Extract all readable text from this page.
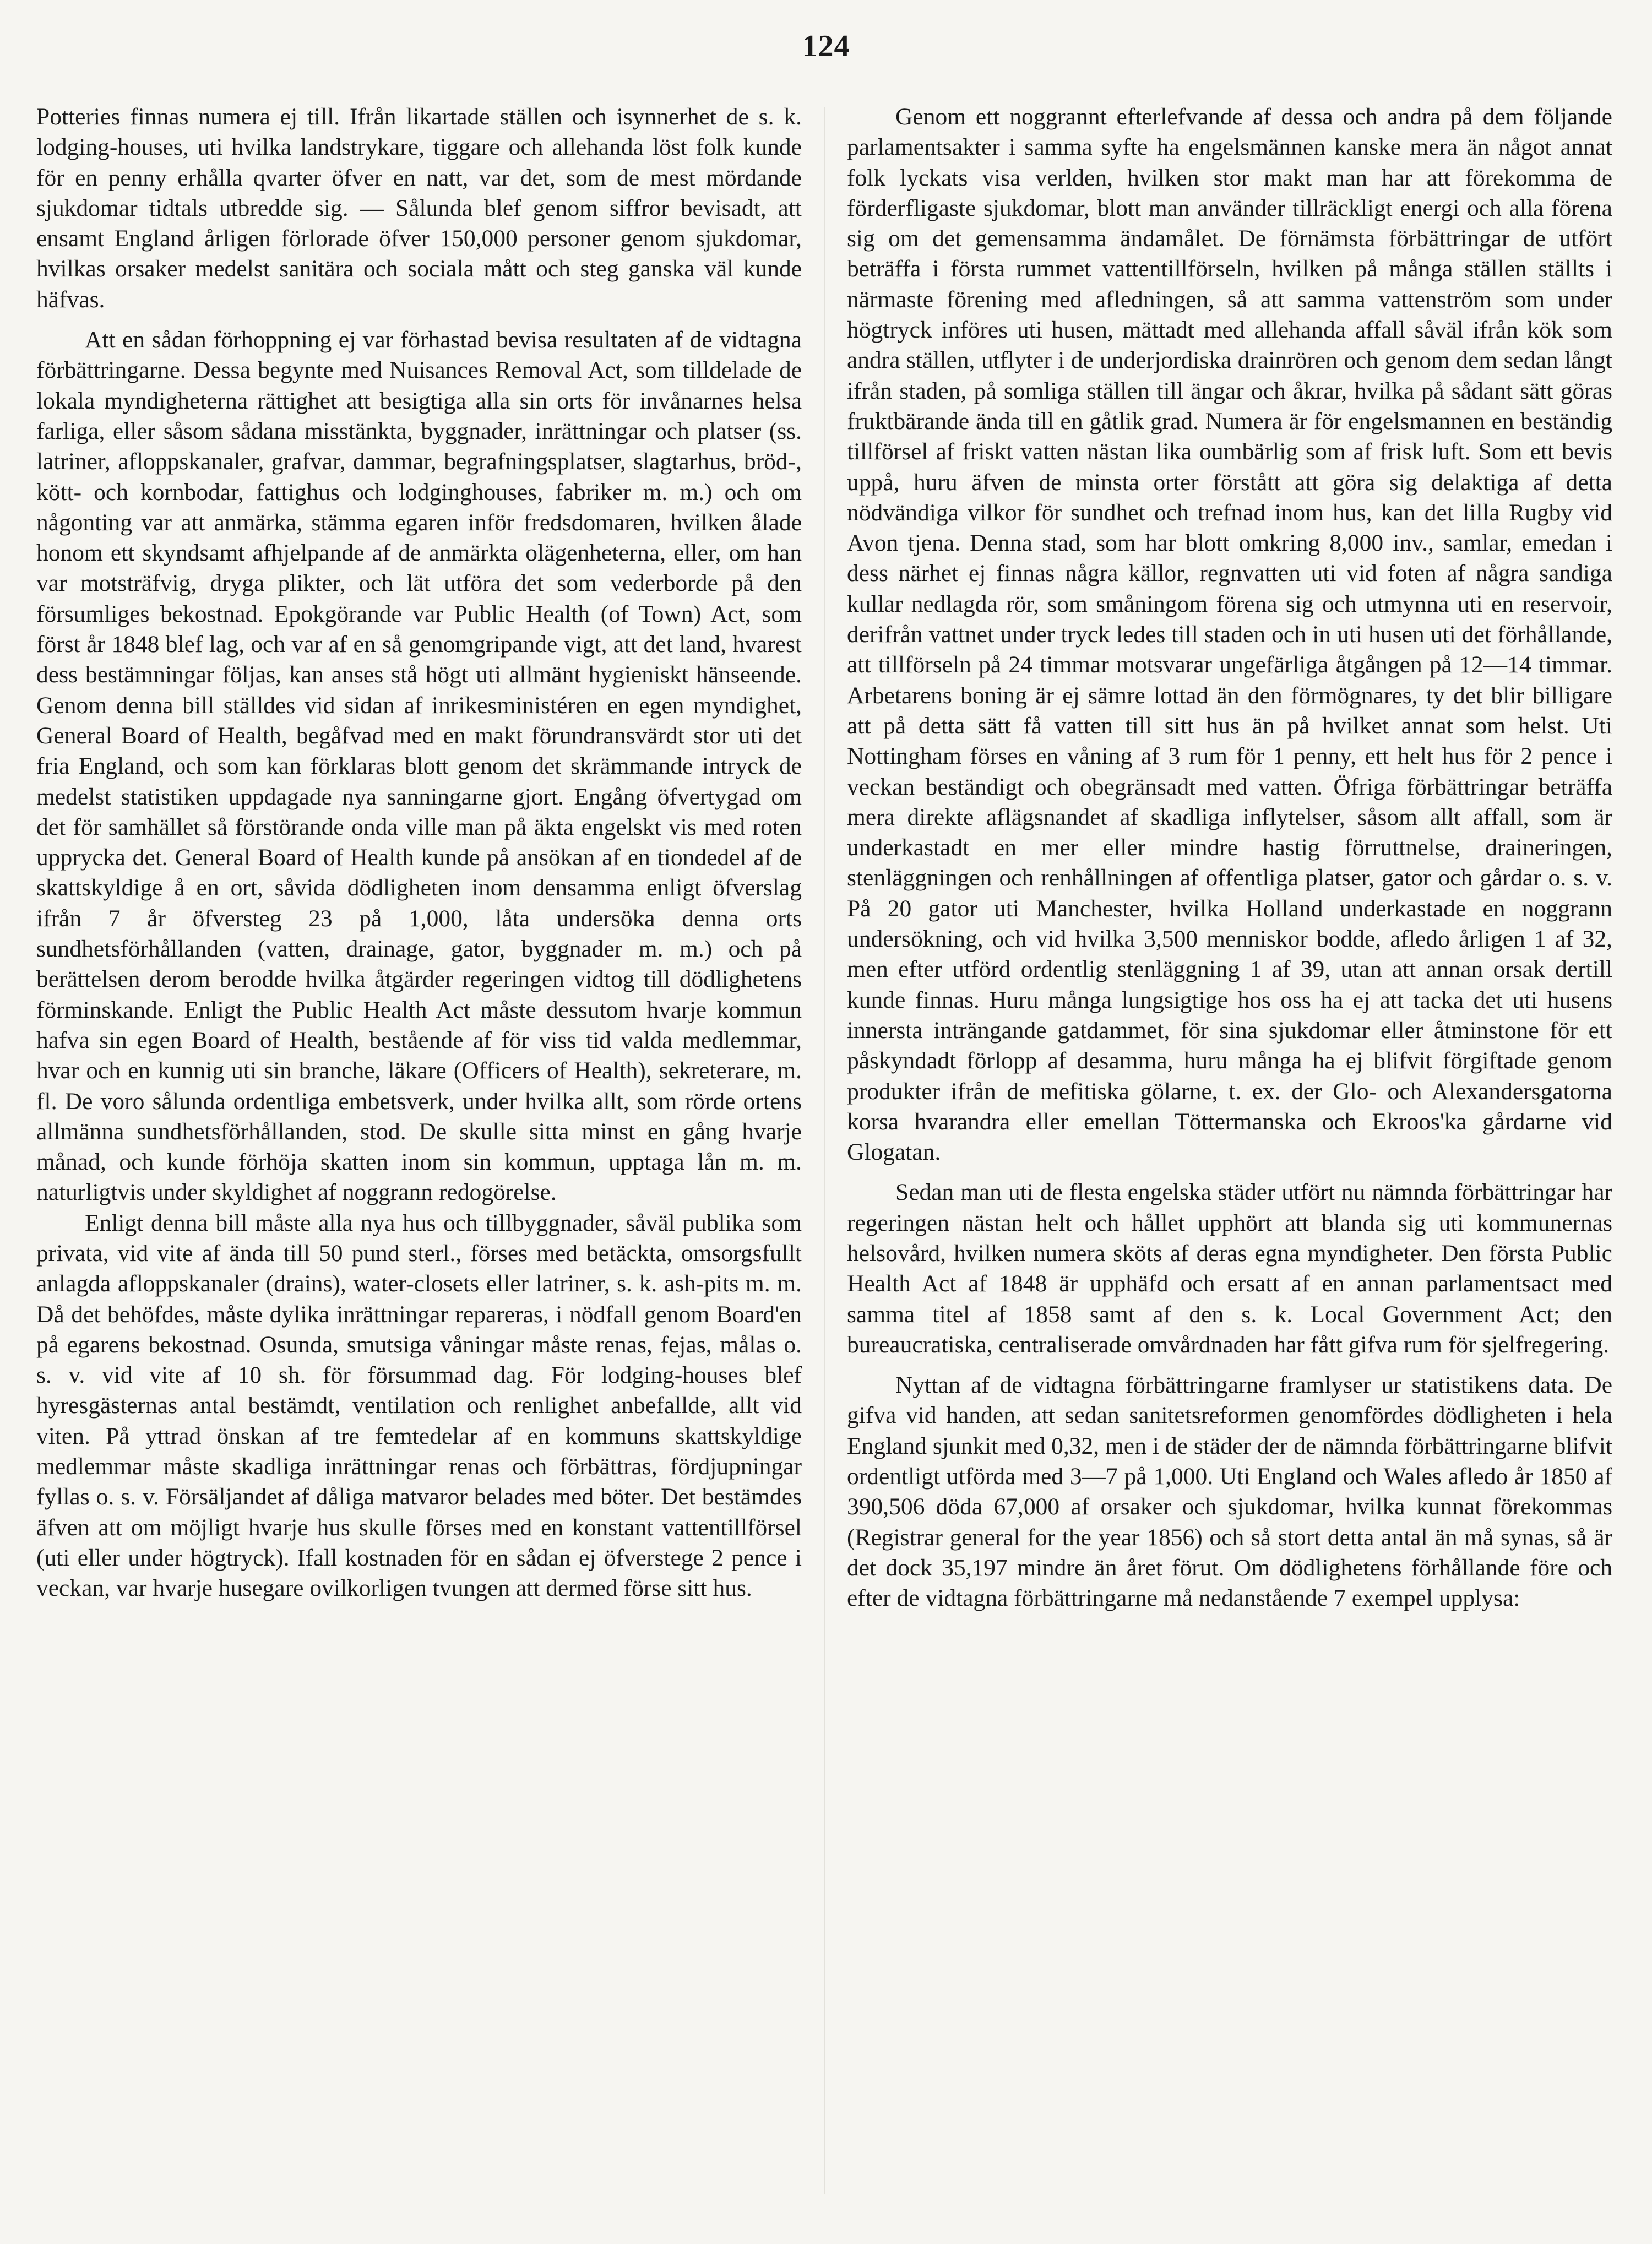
124

Potteries finnas numera ej till. Ifrån likartade ställen och isynnerhet de s. k. lodging-houses, uti hvilka landstrykare, tiggare och allehanda löst folk kunde för en penny erhålla qvarter öfver en natt, var det, som de mest mördande sjukdomar tidtals utbredde sig. — Sålunda blef genom siffror bevisadt, att ensamt England årligen förlorade öfver 150,000 personer genom sjukdomar, hvilkas orsaker medelst sanitära och sociala mått och steg ganska väl kunde häfvas.

Att en sådan förhoppning ej var förhastad bevisa resultaten af de vidtagna förbättringarne. Dessa begynte med Nuisances Removal Act, som tilldelade de lokala myndigheterna rättighet att besigtiga alla sin orts för invånarnes helsa farliga, eller såsom sådana misstänkta, byggnader, inrättningar och platser (ss. latriner, afloppskanaler, grafvar, dammar, begrafningsplatser, slagtarhus, bröd-, kött- och kornbodar, fattighus och lodginghouses, fabriker m. m.) och om någonting var att anmärka, stämma egaren inför fredsdomaren, hvilken ålade honom ett skyndsamt afhjelpande af de anmärkta olägenheterna, eller, om han var motsträfvig, dryga plikter, och lät utföra det som vederborde på den försumliges bekostnad. Epokgörande var Public Health (of Town) Act, som först år 1848 blef lag, och var af en så genomgripande vigt, att det land, hvarest dess bestämningar följas, kan anses stå högt uti allmänt hygieniskt hänseende. Genom denna bill ställdes vid sidan af inrikesministéren en egen myndighet, General Board of Health, begåfvad med en makt förundransvärdt stor uti det fria England, och som kan förklaras blott genom det skrämmande intryck de medelst statistiken uppdagade nya sanningarne gjort. Engång öfvertygad om det för samhället så förstörande onda ville man på äkta engelskt vis med roten uppryckа det. General Board of Health kunde på ansökan af en tiondedel af de skattskyldige å en ort, såvida dödligheten inom densamma enligt öfverslag ifrån 7 år öfversteg 23 på 1,000, låta undersöka denna orts sundhetsförhållanden (vatten, drainage, gator, byggnader m. m.) och på berättelsen derom berodde hvilka åtgärder regeringen vidtog till dödlighetens förminskande. Enligt the Public Health Act måste dessutom hvarje kommun hafva sin egen Board of Health, bestående af för viss tid valda medlemmar, hvar och en kunnig uti sin branche, läkare (Officers of Health), sekreterare, m. fl. De voro sålunda ordentliga embetsverk, under hvilka allt, som rörde ortens allmänna sundhetsförhållanden, stod. De skulle sitta minst en gång hvarje månad, och kunde förhöja skatten inom sin kommun, upptaga lån m. m. naturligtvis under skyldighet af noggrann redogörelse.

Enligt denna bill måste alla nya hus och tillbyggnader, såväl publika som privata, vid vite af ända till 50 pund sterl., förses med betäckta, omsorgsfullt anlagda afloppskanaler (drains), water-closets eller latriner, s. k. ash-pits m. m. Då det behöfdes, måste dylika inrättningar repareras, i nödfall genom Board'en på egarens bekostnad. Osunda, smutsiga våningar måste renas, fejas, målas o. s. v. vid vite af 10 sh. för försummad dag. För lodging-houses blef hyresgästernas antal bestämdt, ventilation och renlighet anbefallde, allt vid viten. På yttrad önskan af tre femtedelar af en kommuns skattskyldige medlemmar måste skadliga inrättningar renas och förbättras, fördjupningar fyllas o. s. v. Försäljandet af dåliga matvaror belades med böter. Det bestämdes äfven att om möjligt hvarje hus skulle förses med en konstant vattentillförsel (uti eller under högtryck). Ifall kostnaden för en sådan ej öfverstege 2 pence i veckan, var hvarje husegare ovilkorligen tvungen att dermed förse sitt hus.

Genom ett noggrannt efterlefvande af dessa och andra på dem följande parlamentsakter i samma syfte ha engelsmännen kanske mera än något annat folk lyckats visa verlden, hvilken stor makt man har att förekomma de förderfligaste sjukdomar, blott man använder tillräckligt energi och alla förena sig om det gemensamma ändamålet. De förnämsta förbättringar de utfört beträffa i första rummet vattentillförseln, hvilken på många ställen ställts i närmaste förening med afledningen, så att samma vattenström som under högtryck införes uti husen, mättadt med allehanda affall såväl ifrån kök som andra ställen, utflyter i de underjordiska drainrören och genom dem sedan långt ifrån staden, på somliga ställen till ängar och åkrar, hvilka på sådant sätt göras fruktbärande ända till en gåtlik grad. Numera är för engelsmannen en beständig tillförsel af friskt vatten nästan lika oumbärlig som af frisk luft. Som ett bevis uppå, huru äfven de minsta orter förstått att göra sig delaktiga af detta nödvändiga vilkor för sundhet och trefnad inom hus, kan det lilla Rugby vid Avon tjena. Denna stad, som har blott omkring 8,000 inv., samlar, emedan i dess närhet ej finnas några källor, regnvatten uti vid foten af några sandiga kullar nedlagda rör, som småningom förena sig och utmynna uti en reservoir, derifrån vattnet under tryck ledes till staden och in uti husen uti det förhållande, att tillförseln på 24 timmar motsvarar ungefärliga åtgången på 12—14 timmar. Arbetarens boning är ej sämre lottad än den förmögnares, ty det blir billigare att på detta sätt få vatten till sitt hus än på hvilket annat som helst. Uti Nottingham förses en våning af 3 rum för 1 penny, ett helt hus för 2 pence i veckan beständigt och obegränsadt med vatten. Öfriga förbättringar beträffa mera direkte aflägsnandet af skadliga inflytelser, såsom allt affall, som är underkastadt en mer eller mindre hastig förruttnelse, draineringen, stenläggningen och renhållningen af offentliga platser, gator och gårdar o. s. v. På 20 gator uti Manchester, hvilka Holland underkastade en noggrann undersökning, och vid hvilka 3,500 menniskor bodde, afledo årligen 1 af 32, men efter utförd ordentlig stenläggning 1 af 39, utan att annan orsak dertill kunde finnas. Huru många lungsigtige hos oss ha ej att tacka det uti husens innersta inträngande gatdammet, för sina sjukdomar eller åtminstone för ett påskyndadt förlopp af desamma, huru många ha ej blifvit förgiftade genom produkter ifrån de mefitiska gölarne, t. ex. der Glo- och Alexandersgatorna korsa hvarandra eller emellan Töttermanska och Ekroos'ka gårdarne vid Glogatan.

Sedan man uti de flesta engelska städer utfört nu nämnda förbättringar har regeringen nästan helt och hållet upphört att blanda sig uti kommunernas helsovård, hvilken numera sköts af deras egna myndigheter. Den första Public Health Act af 1848 är upphäfd och ersatt af en annan parlamentsact med samma titel af 1858 samt af den s. k. Local Government Act; den bureaucratiska, centraliserade omvårdnaden har fått gifva rum för sjelfregering.

Nyttan af de vidtagna förbättringarne framlyser ur statistikens data. De gifva vid handen, att sedan sanitetsreformen genomfördes dödligheten i hela England sjunkit med 0,32, men i de städer der de nämnda förbättringarne blifvit ordentligt utförda med 3—7 på 1,000. Uti England och Wales afledo år 1850 af 390,506 döda 67,000 af orsaker och sjukdomar, hvilka kunnat förekommas (Registrar general for the year 1856) och så stort detta antal än må synas, så är det dock 35,197 mindre än året förut. Om dödlighetens förhållande före och efter de vidtagna förbättringarne må nedanstående 7 exempel upplysa:
